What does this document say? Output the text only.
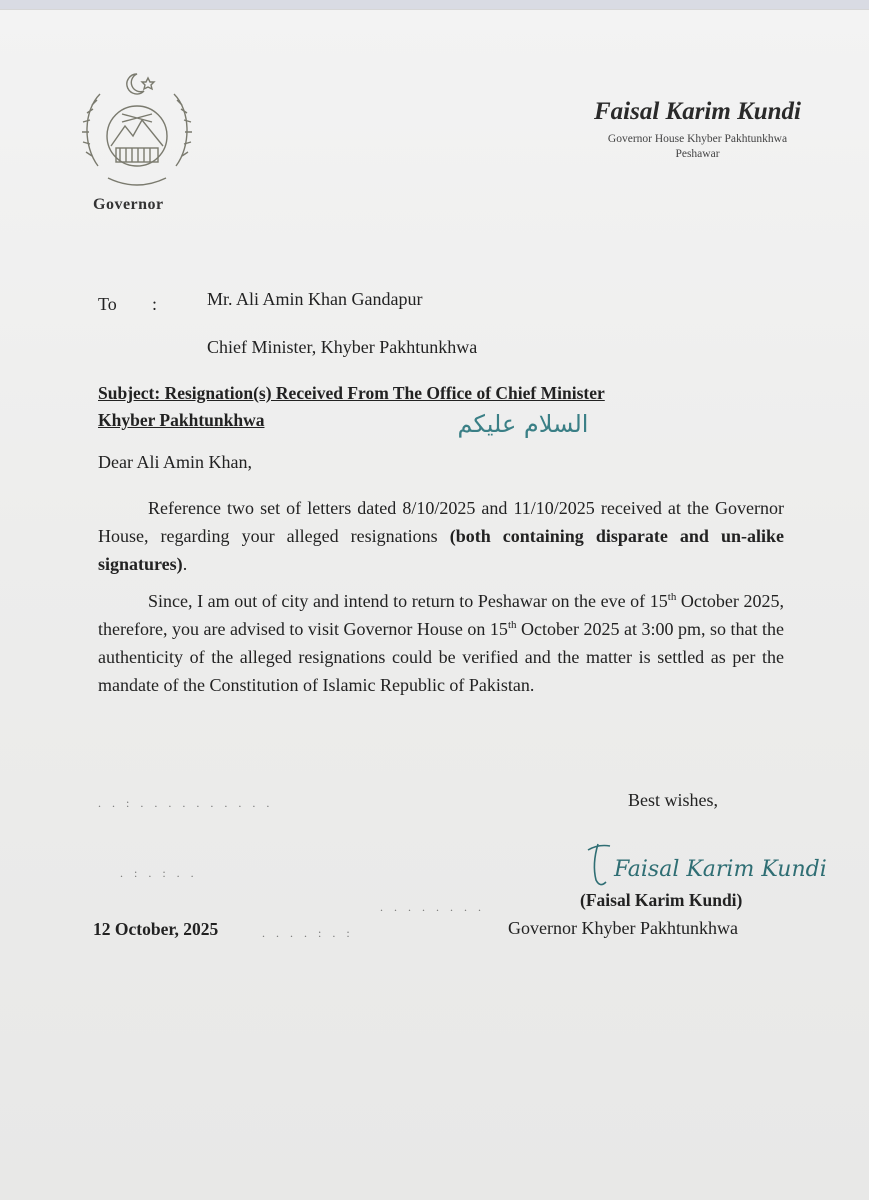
Governor
Faisal Karim Kundi
Governor House Khyber Pakhtunkhwa
Peshawar
To :	Mr. Ali Amin Khan Gandapur
Chief Minister, Khyber Pakhtunkhwa
Subject: Resignation(s) Received From The Office of Chief Minister
Khyber Pakhtunkhwa	السلام علیکم
Dear Ali Amin Khan,
Reference two set of letters dated 8/10/2025 and 11/10/2025 received at the Governor House, regarding your alleged resignations (both containing disparate and un-alike signatures).
Since, I am out of city and intend to return to Peshawar on the eve of 15th October 2025, therefore, you are advised to visit Governor House on 15th October 2025 at 3:00 pm, so that the authenticity of the alleged resignations could be verified and the matter is settled as per the mandate of the Constitution of Islamic Republic of Pakistan.
Best wishes,
Faisal Karim Kundi
(Faisal Karim Kundi)
Governor Khyber Pakhtunkhwa
12 October, 2025
. . : . . . . . . . . . .
. : . : . .
. . . . . . . .
. . . . : . :
